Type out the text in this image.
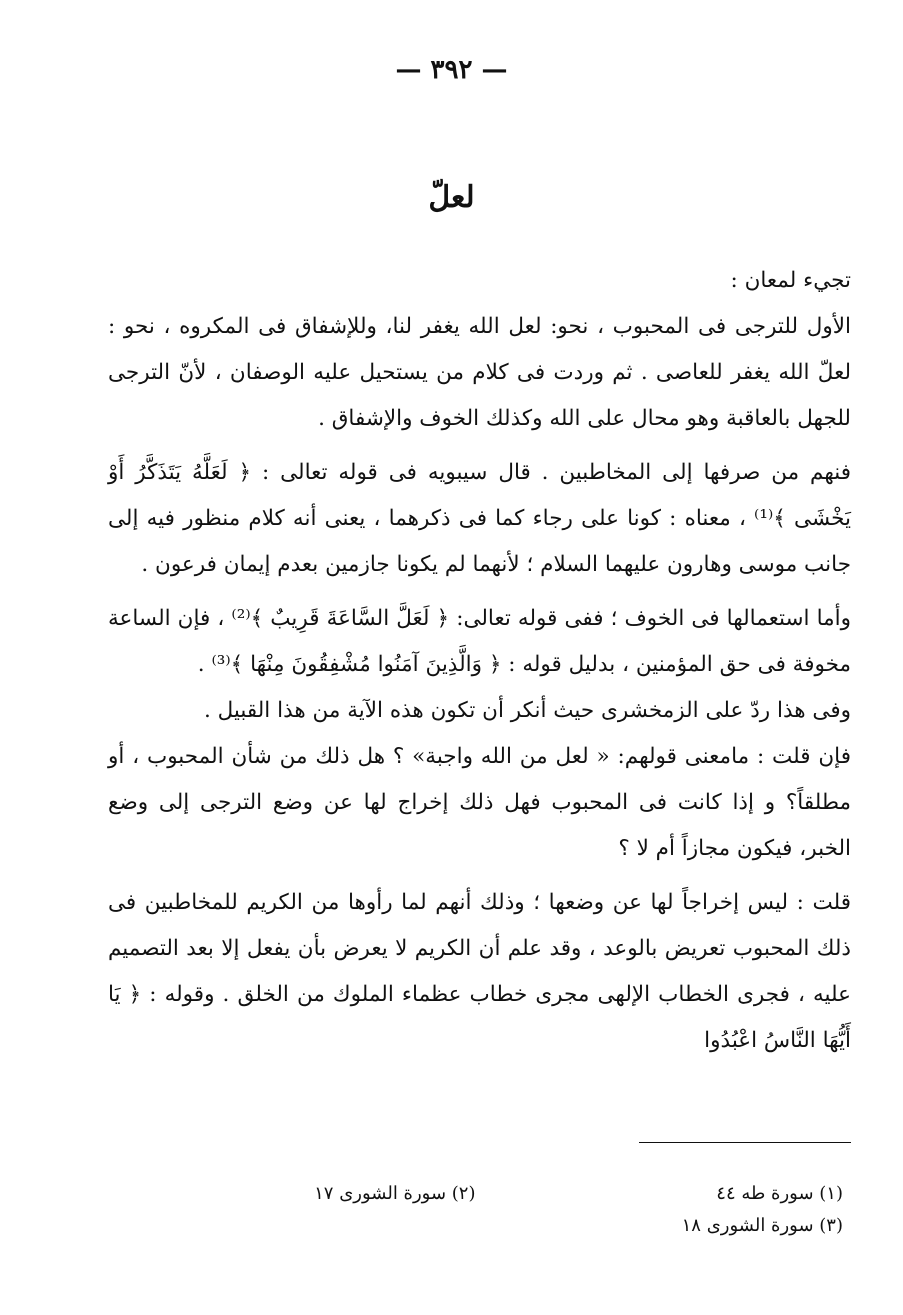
— ٣٩٢ —
لعلّ

تجيء لمعان :

الأول للترجى فى المحبوب ، نحو: لعل الله يغفر لنا، وللإشفاق فى المكروه ، نحو : لعلّ الله يغفر للعاصى . ثم وردت فى كلام من يستحيل عليه الوصفان ، لأنّ الترجى للجهل بالعاقبة وهو محال على الله وكذلك الخوف والإشفاق .

فنهم من صرفها إلى المخاطبين . قال سيبويه فى قوله تعالى : ﴿ لَعَلَّهُ يَتَذَكَّرُ أَوْ يَخْشَى ﴾⁽¹⁾ ، معناه : كونا على رجاء كما فى ذكرهما ، يعنى أنه كلام منظور فيه إلى جانب موسى وهارون عليهما السلام ؛ لأنهما لم يكونا جازمين بعدم إيمان فرعون .

وأما استعمالها فى الخوف ؛ ففى قوله تعالى: ﴿ لَعَلَّ السَّاعَةَ قَرِيبٌ ﴾⁽²⁾ ، فإن الساعة مخوفة فى حق المؤمنين ، بدليل قوله : ﴿ وَالَّذِينَ آمَنُوا مُشْفِقُونَ مِنْهَا ﴾⁽³⁾ .

وفى هذا ردّ على الزمخشرى حيث أنكر أن تكون هذه الآية من هذا القبيل .

فإن قلت : مامعنى قولهم: « لعل من الله واجبة» ؟ هل ذلك من شأن المحبوب ، أو مطلقاً؟ و إذا كانت فى المحبوب فهل ذلك إخراج لها عن وضع الترجى إلى وضع الخبر، فيكون مجازاً أم لا ؟

قلت : ليس إخراجاً لها عن وضعها ؛ وذلك أنهم لما رأوها من الكريم للمخاطبين فى ذلك المحبوب تعريض بالوعد ، وقد علم أن الكريم لا يعرض بأن يفعل إلا بعد التصميم عليه ، فجرى الخطاب الإلهى مجرى خطاب عظماء الملوك من الخلق . وقوله : ﴿ يَا أَيُّهَا النَّاسُ اعْبُدُوا

(١) سورة طه ٤٤
(٢) سورة الشورى ١٧
(٣) سورة الشورى ١٨
